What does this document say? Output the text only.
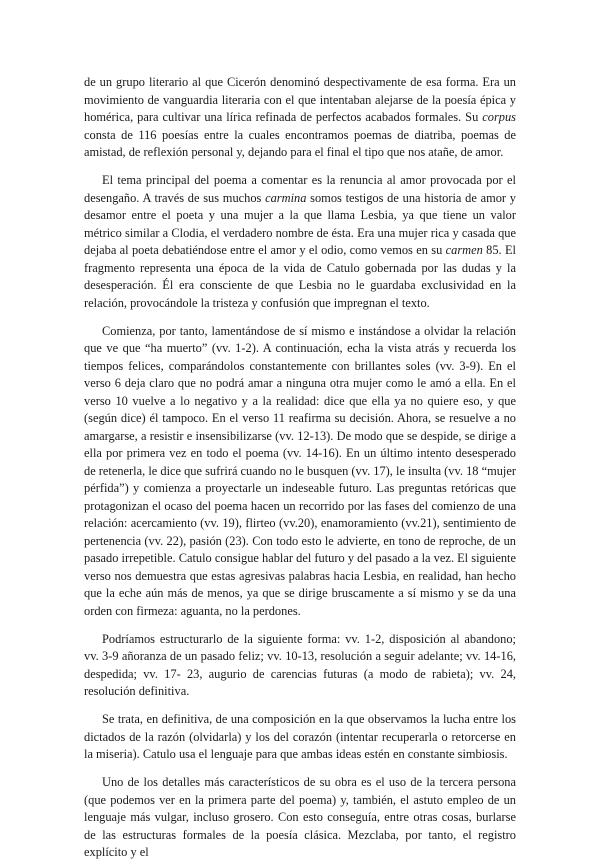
de un grupo literario al que Cicerón denominó despectivamente de esa forma. Era un movimiento de vanguardia literaria con el que intentaban alejarse de la poesía épica y homérica, para cultivar una lírica refinada de perfectos acabados formales. Su corpus consta de 116 poesías entre la cuales encontramos poemas de diatriba, poemas de amistad, de reflexión personal y, dejando para el final el tipo que nos atañe, de amor.

El tema principal del poema a comentar es la renuncia al amor provocada por el desengaño. A través de sus muchos carmina somos testigos de una historia de amor y desamor entre el poeta y una mujer a la que llama Lesbia, ya que tiene un valor métrico similar a Clodia, el verdadero nombre de ésta. Era una mujer rica y casada que dejaba al poeta debatiéndose entre el amor y el odio, como vemos en su carmen 85. El fragmento representa una época de la vida de Catulo gobernada por las dudas y la desesperación. Él era consciente de que Lesbia no le guardaba exclusividad en la relación, provocándole la tristeza y confusión que impregnan el texto.

Comienza, por tanto, lamentándose de sí mismo e instándose a olvidar la relación que ve que “ha muerto” (vv. 1-2). A continuación, echa la vista atrás y recuerda los tiempos felices, comparándolos constantemente con brillantes soles (vv. 3-9). En el verso 6 deja claro que no podrá amar a ninguna otra mujer como le amó a ella. En el verso 10 vuelve a lo negativo y a la realidad: dice que ella ya no quiere eso, y que (según dice) él tampoco. En el verso 11 reafirma su decisión. Ahora, se resuelve a no amargarse, a resistir e insensibilizarse (vv. 12-13). De modo que se despide, se dirige a ella por primera vez en todo el poema (vv. 14-16). En un último intento desesperado de retenerla, le dice que sufrirá cuando no le busquen (vv. 17), le insulta (vv. 18 “mujer pérfida”) y comienza a proyectarle un indeseable futuro. Las preguntas retóricas que protagonizan el ocaso del poema hacen un recorrido por las fases del comienzo de una relación: acercamiento (vv. 19), flirteo (vv.20), enamoramiento (vv.21), sentimiento de pertenencia (vv. 22), pasión (23). Con todo esto le advierte, en tono de reproche, de un pasado irrepetible. Catulo consigue hablar del futuro y del pasado a la vez. El siguiente verso nos demuestra que estas agresivas palabras hacia Lesbia, en realidad, han hecho que la eche aún más de menos, ya que se dirige bruscamente a sí mismo y se da una orden con firmeza: aguanta, no la perdones.

Podríamos estructurarlo de la siguiente forma: vv. 1-2, disposición al abandono; vv. 3-9 añoranza de un pasado feliz; vv. 10-13, resolución a seguir adelante; vv. 14-16, despedida; vv. 17- 23, augurio de carencias futuras (a modo de rabieta); vv. 24, resolución definitiva.

Se trata, en definitiva, de una composición en la que observamos la lucha entre los dictados de la razón (olvidarla) y los del corazón (intentar recuperarla o retorcerse en la miseria). Catulo usa el lenguaje para que ambas ideas estén en constante simbiosis.

Uno de los detalles más característicos de su obra es el uso de la tercera persona (que podemos ver en la primera parte del poema) y, también, el astuto empleo de un lenguaje más vulgar, incluso grosero. Con esto conseguía, entre otras cosas, burlarse de las estructuras formales de la poesía clásica. Mezclaba, por tanto, el registro explícito y el
